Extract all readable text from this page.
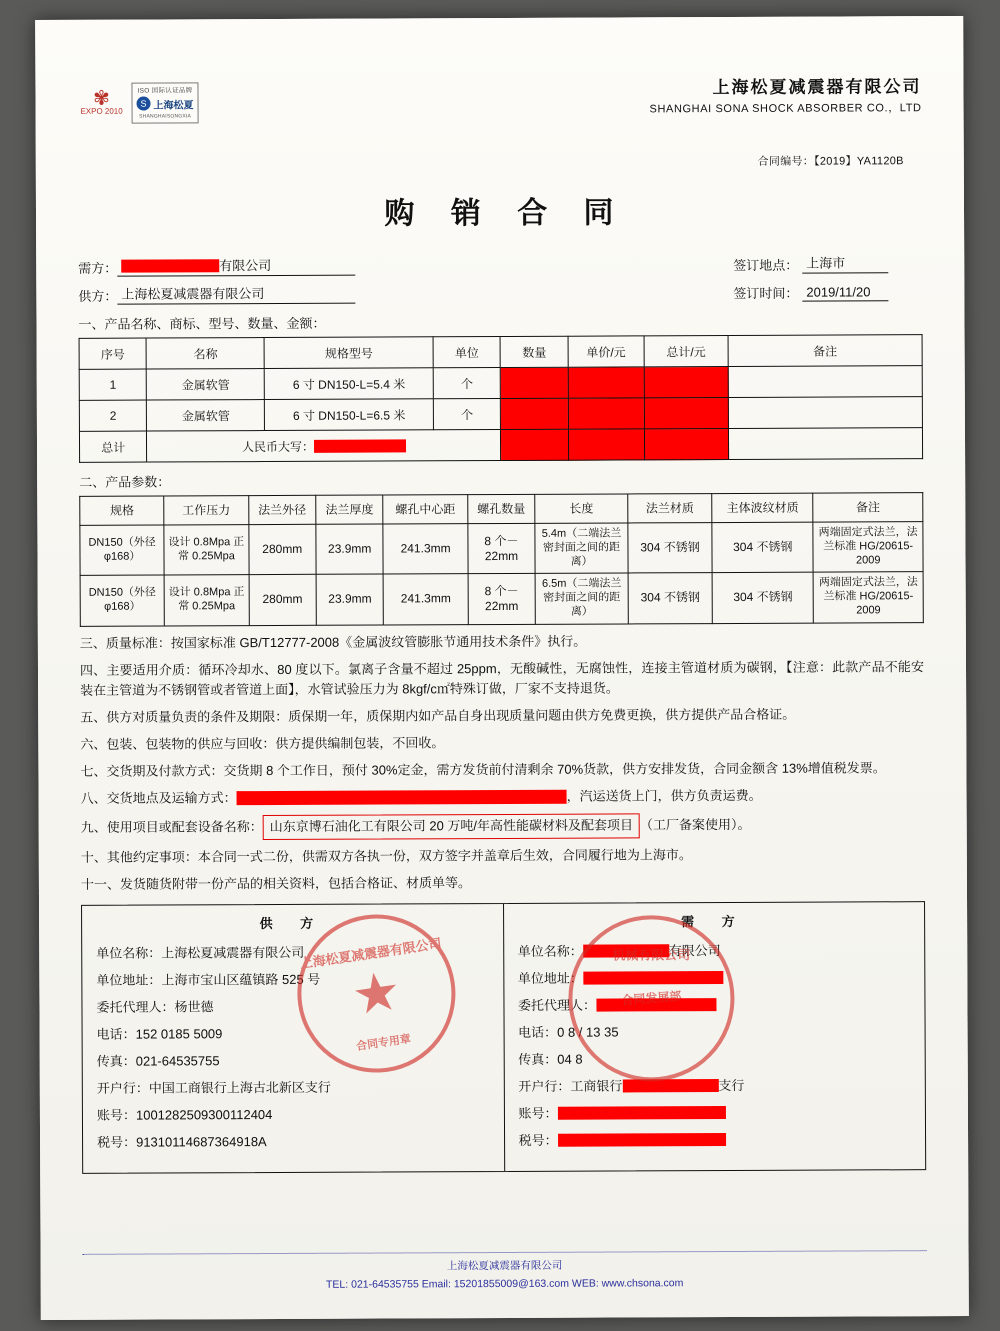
✾
EXPO 2010
ISO 国际认证品牌
S 上海松夏
SHANGHAISONGXIA
上海松夏减震器有限公司
SHANGHAI SONA SHOCK ABSORBER CO.，LTD
合同编号：【2019】YA1120B
购 销 合 同
需方：	有限公司	签订地点： 上海市
供方： 上海松夏减震器有限公司	签订时间： 2019/11/20
一、产品名称、商标、型号、数量、金额：
序号	名称	规格型号	单位	数量	单价/元	总计/元	备注
1	金属软管	6 寸 DN150-L=5.4 米	个				
2	金属软管	6 寸 DN150-L=6.5 米	个				
总计	人民币大写：						
二、产品参数：
规格	工作压力	法兰外径	法兰厚度	螺孔中心距	螺孔数量	长度	法兰材质	主体波纹材质	备注
DN150（外径φ168）	设计 0.8Mpa 正常 0.25Mpa	280mm	23.9mm	241.3mm	8 个－22mm	5.4m（二端法兰密封面之间的距离）	304 不锈钢	304 不锈钢	两端固定式法兰，法兰标准 HG/20615-2009
DN150（外径φ168）	设计 0.8Mpa 正常 0.25Mpa	280mm	23.9mm	241.3mm	8 个－22mm	6.5m（二端法兰密封面之间的距离）	304 不锈钢	304 不锈钢	两端固定式法兰，法兰标准 HG/20615-2009
三、质量标准：按国家标准 GB/T12777-2008《金属波纹管膨胀节通用技术条件》执行。
四、主要适用介质：循环冷却水、80 度以下。氯离子含量不超过 25ppm，无酸碱性，无腐蚀性，连接主管道材质为碳钢，【注意：此款产品不能安装在主管道为不锈钢管或者管道上面】，水管试验压力为 8kgf/c㎡特殊订做，厂家不支持退货。
五、供方对质量负责的条件及期限：质保期一年，质保期内如产品自身出现质量问题由供方免费更换，供方提供产品合格证。
六、包装、包装物的供应与回收：供方提供编制包装，不回收。
七、交货期及付款方式：交货期 8 个工作日，预付 30%定金，需方发货前付清剩余 70%货款，供方安排发货，合同金额含 13%增值税发票。
八、交货地点及运输方式：	，汽运送货上门，供方负责运费。
九、使用项目或配套设备名称： 山东京博石油化工有限公司 20 万吨/年高性能碳材料及配套项目 （工厂备案使用）。
十、其他约定事项：本合同一式二份，供需双方各执一份，双方签字并盖章后生效，合同履行地为上海市。
十一、发货随货附带一份产品的相关资料，包括合格证、材质单等。
供 方
单位名称：上海松夏减震器有限公司
单位地址：上海市宝山区蕴镇路 525 号
委托代理人：杨世德
电话：152 0185 5009
传真：021-64535755
开户行：中国工商银行上海古北新区支行
账号：1001282509300112404
税号：91310114687364918A
需 方
单位名称：	有限公司
单位地址：
委托代理人：
电话：0 8 / 13 35
传真：04 8
开户行：工商银行	支行
账号：
税号：
上海松夏减震器有限公司
★
合同专用章
机械有限公司
合同发展部
上海松夏减震器有限公司
TEL: 021-64535755 Email: 15201855009@163.com WEB: www.chsona.com
